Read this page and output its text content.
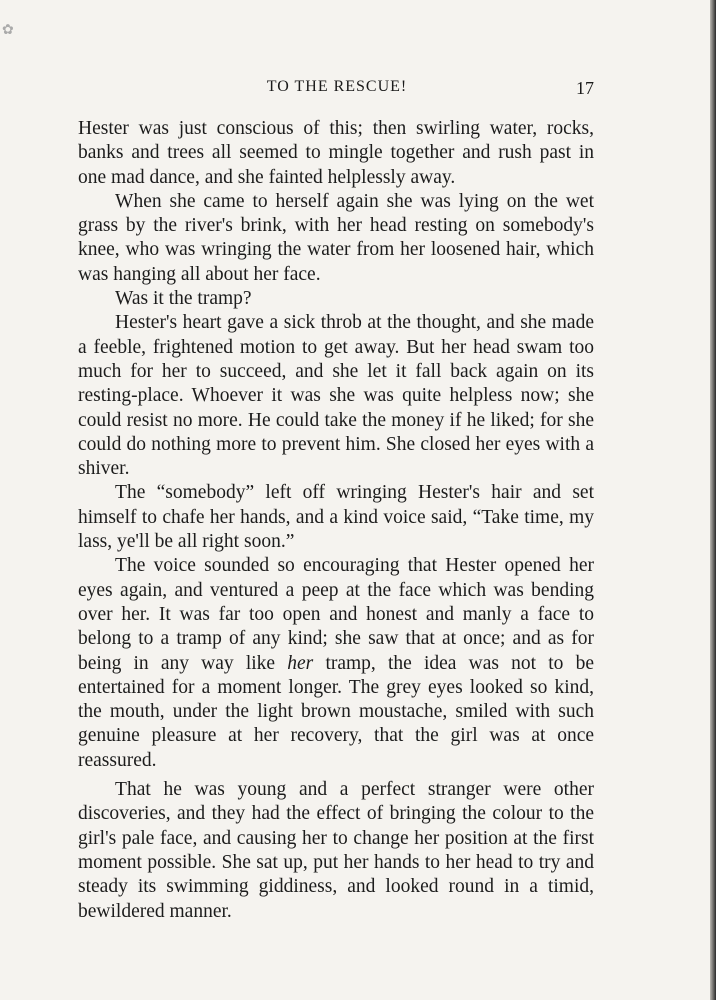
✿
TO THE RESCUE!	17

Hester was just conscious of this; then swirling water, rocks, banks and trees all seemed to mingle together and rush past in one mad dance, and she fainted helplessly away.

When she came to herself again she was lying on the wet grass by the river's brink, with her head resting on somebody's knee, who was wringing the water from her loosened hair, which was hanging all about her face.

Was it the tramp?

Hester's heart gave a sick throb at the thought, and she made a feeble, frightened motion to get away. But her head swam too much for her to succeed, and she let it fall back again on its resting-place. Whoever it was she was quite helpless now; she could resist no more. He could take the money if he liked; for she could do nothing more to prevent him. She closed her eyes with a shiver.

The “somebody” left off wringing Hester's hair and set himself to chafe her hands, and a kind voice said, “Take time, my lass, ye'll be all right soon.”

The voice sounded so encouraging that Hester opened her eyes again, and ventured a peep at the face which was bending over her. It was far too open and honest and manly a face to belong to a tramp of any kind; she saw that at once; and as for being in any way like her tramp, the idea was not to be entertained for a moment longer. The grey eyes looked so kind, the mouth, under the light brown moustache, smiled with such genuine pleasure at her recovery, that the girl was at once reassured.

That he was young and a perfect stranger were other discoveries, and they had the effect of bringing the colour to the girl's pale face, and causing her to change her position at the first moment possible. She sat up, put her hands to her head to try and steady its swimming giddiness, and looked round in a timid, bewildered manner.
